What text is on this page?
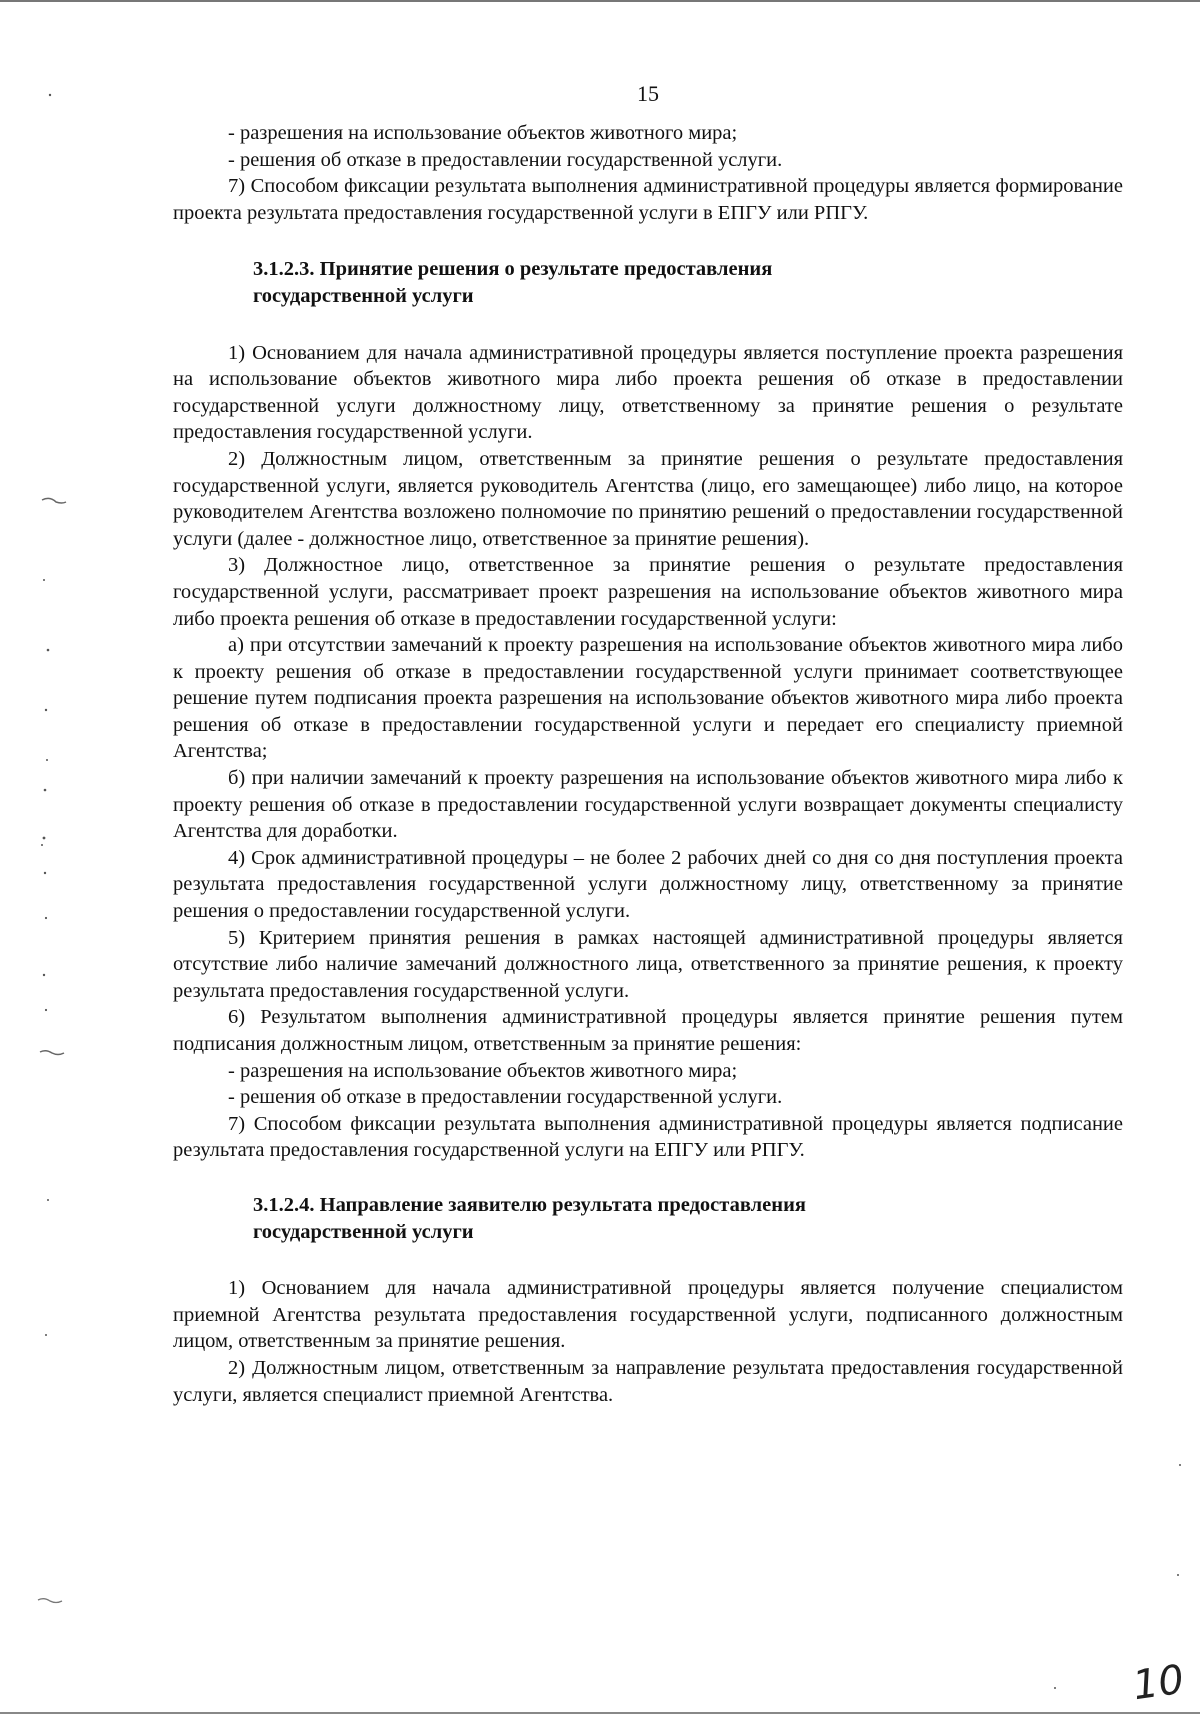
15

- разрешения на использование объектов животного мира;

- решения об отказе в предоставлении государственной услуги.

7) Способом фиксации результата выполнения административной процедуры является формирование проекта результата предоставления государственной услуги в ЕПГУ или РПГУ.

3.1.2.3. Принятие решения о результате предоставления

государственной услуги

1) Основанием для начала административной процедуры является поступление проекта разрешения на использование объектов животного мира либо проекта решения об отказе в предоставлении государственной услуги должностному лицу, ответственному за принятие решения о результате предоставления государственной услуги.

2) Должностным лицом, ответственным за принятие решения о результате предоставления государственной услуги, является руководитель Агентства (лицо, его замещающее) либо лицо, на которое руководителем Агентства возложено полномочие по принятию решений о предоставлении государственной услуги (далее - должностное лицо, ответственное за принятие решения).

3) Должностное лицо, ответственное за принятие решения о результате предоставления государственной услуги, рассматривает проект разрешения на использование объектов животного мира либо проекта решения об отказе в предоставлении государственной услуги:

а) при отсутствии замечаний к проекту разрешения на использование объектов животного мира либо к проекту решения об отказе в предоставлении государственной услуги принимает соответствующее решение путем подписания проекта разрешения на использование объектов животного мира либо проекта решения об отказе в предоставлении государственной услуги и передает его специалисту приемной Агентства;

б) при наличии замечаний к проекту разрешения на использование объектов животного мира либо к проекту решения об отказе в предоставлении государственной услуги возвращает документы специалисту Агентства для доработки.

4) Срок административной процедуры – не более 2 рабочих дней со дня со дня поступления проекта результата предоставления государственной услуги должностному лицу, ответственному за принятие решения о предоставлении государственной услуги.

5) Критерием принятия решения в рамках настоящей административной процедуры является отсутствие либо наличие замечаний должностного лица, ответственного за принятие решения, к проекту результата предоставления государственной услуги.

6) Результатом выполнения административной процедуры является принятие решения путем подписания должностным лицом, ответственным за принятие решения:

- разрешения на использование объектов животного мира;

- решения об отказе в предоставлении государственной услуги.

7) Способом фиксации результата выполнения административной процедуры является подписание результата предоставления государственной услуги на ЕПГУ или РПГУ.

3.1.2.4. Направление заявителю результата предоставления

государственной услуги

1) Основанием для начала административной процедуры является получение специалистом приемной Агентства результата предоставления государственной услуги, подписанного должностным лицом, ответственным за принятие решения.

2) Должностным лицом, ответственным за направление результата предоставления государственной услуги, является специалист приемной Агентства.

10
